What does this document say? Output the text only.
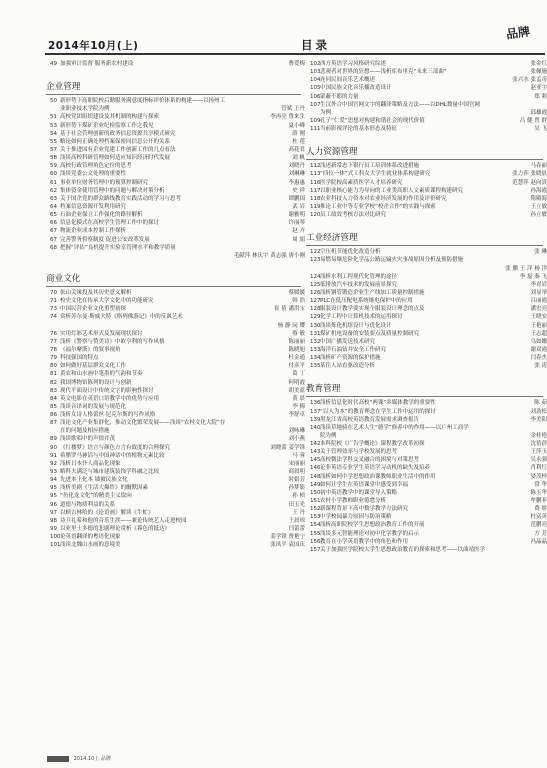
2014年10月(上)	目录
品牌
49 加强审计监督 服务新农村建设	曹爱梅
企业管理
50 新形势下高职院校后勤服务满意度指标评价体系的构建——以扬州工
业职业技术学院为例	管斌 王丹
51 高校党团组织建设及其机制的构建与探索	李再亮 鲁来生
53 新形势下煤矿企业纪检监察工作之我见	夏小峰
54 基于社会管理创新的政务信息资源共享模式研究	薛 刚
55 略论如何正确处理档案保密同信息公开的关系	杜 莲
57 关于推进国有企业党建工作创新工作的几点看法	高花君
58 浅谈高校科研管理如何适应知识经济时代发展	刘 帆
59 高校行政管理角色定位的思考	刘晓丹
60 浅谈党委公文处理的重要性	刘琳琳
61 事业单位财务管理中的预算控制研究	李惠惠
62 集体资金使用管理中的问题与解决对策分析	史 祥
63 关于国企党的群众路线教育实践活动的学习与思考	谭鹏国
64 档案信息资源开发利用研究	武 岩
65 石油企业保卫工作强化的路径解析	谢雅明
66 信息化模式在高校学生管理工作中的探讨	许丽琴
67 物流企业成本控制工作探析	赵 卉
67 完善警务督察制度 促进公安改革发展	周 娟
68 把握“评估”良机提升实验室管理水平和教学质量
毛献萍 林庆宇 黄志强 唐小刚
商业文化
70 张山关缘投及其历史意义解析	蔡媛媛
71 校史文化在传承大学文化中的功能研究	韩 浩
73 中国民营企业文化重塑初探	崔 倩 潘洪宝
74 赏析苏尔曼·斯威夫特《格列佛游记》中的反讽艺术
杨 静 闵 璎
76 实用灯彩艺术形式及发展现状探讨	蔡 敏
77 浅析《警察与赞美诗》中欧亨利的写作风格	陈丽丽
78 《福尔摩斯》的叙事视角	陈晓旭
79 科技强国的特点	杜金通
80 如何做好基层群众文化工作	付彦平
81 黄农和山水画中笔墨的气韵和节奏	葛 丁
82 我国博物馆陈列的设计与创新	何明霞
83 现代平面设计中传统文字的影响性探讨	胡美蓝
84 英文电影在英语口语教学中的优势与应用	黄 晨
85 浅谈音译词的发展与规范化	李 梅
86 浅析女诗人格蕾丝·尼克尔斯的写作风格	李舒卓
87 浅论文化产业集群化，推动文化繁荣发展——浅谈“农村文化大院”存
在的问题及相应措施	刘咏琳
89 浅谈歌唱中的声情并茂	刘小燕
90 《红楼梦》语言与颜色方言有故度的合理探究	刘晓蕾 姜学锋
91 希腊罗马神话与中国神话中的植物元素比较	马 蓉
92 浅析日本仆人商品化现象	宋丽丽
93 略科夫满泛与城市建筑装饰学科融之比较	商叙明
94 先进本土化本 墙被民族文化	时娟芳
95 浅析美剧《生活大爆炸》的幽默因素	孙梦影
95 “鱼化龙文化”的精美主义取向	孙 桢
96 道德与物质利益的关系	田玉光
97 以顾吉林哈的《论语画》解读《牛虻》	王 丹
98 诗卫礼希和他的音乐生涯——兼论传统艺人走进校园	王晨琼
99 以亚里士多德的悲剧理论赏析《暮色的抵达》	闫蕾蕾
100论英语翻译的粤语化现象	姜学锋 贾艳宁
101浅谈北魏山水画的意境美	张凤平 袁国庆
102西方英语学习风格研究综述	张金红
103悲观者对世界的狂想——浅析库布里克“未来三部曲”	张佩施
104连同民间音乐艺术概述	张兴水 张孟奇
105中国民族文化音乐播改造设计	赵亚宇
106蒙蔽不耶的力量	郑 莉
107生汉外合中国官网文字的翻译策略及方法——以DHL数量中国官网
为例	邱雄霞
109孔子“仁爱”思想对构建和谐社会的现代价值	吕 健 曾 群
111当前影视评论的基本形态及特征	吴 飞
人力资源管理
112浅述新常态下银行员工培训体系改进措施	马春丽
113“四位一体”式工科女大学生就业体系构建研究	张力莎 张晓晨
116医学院校高素质医学人才培养研究	范慧萍 赵向真
117以职业核心能力为导向的工业类高职人文素质课程构建研究	孙海霞
118农业科技人力资本对农业经济发展的作用及评价研究	隋殿海
119推论工业中等专业学校“校企合作”的实践与探索	王立敏
120员工绩效考核方法对比研究	孙立敏
工业经济管理
122空压机节能优化改造分析	张 琳
123易燃易爆危险化学品公路运输火灾事故原因分析及预防措施
张 鹏 王 洋 杨 洋
124浅析水利工程现代化管理的途径	李 磊 秦 飞
125低排放汽车技术的发展前景探究	李青岩
126浅析钢管锻造企业生产线加工质量控制措施	刘显举
127PLC在低压配电系统继电保护中的应用	吕丽霞
128服装设计教学要实现个服装设计理念的点及	潘宏亮
129化学工程中计算机技术的运用探讨	王晓安
130浅谈炼化机组设计与优化设计	王艳丽
131煤矿机电设备的安装要点及质量控制研究	王志超
132中国广播发送技术研究	乌如娜
133海洋石油钻井安全工作研究	谢双霞
134浅析矿产资源的保护措施	闫春杰
135某住人站直驱改造分析	张 涛
教育管理
136浅析信息化时代高校“两课”多媒体教学的重要性	陈 茹
137“以人为本”的教育理念在学生工作中运用的探讨	刘劲松
139黑龙江省高校英语教育发展需求调查报告	李美阳
140浅谈草地骑在艺术人生“德学”修养中的作用——以广州工商学
院为例	金桂艳
142本科院校《广告学概论》课程教学改革初探	沈蓓蓓
143关于管理效率与学校发展的思考	王萍玉
145高校微法学科交叉融合的困境与对策思考	吴永强
146论非英语专业学生英语学习动机的缺失及培养	肖利红
148浅析如何中学思想政治课教师职业生活中的作用	晏茂梓
149如何让学生在英语课堂中感受到幸福	常 华
150初中英语教学中的课堂导入策略	陈玉华
151农村小学教师职业倦怠分析	牟鹏菲
152新课程背景下高中数学教学方法研究	费 娇
153中学校园暴力原因与防治策略	杜富英
154浅析高职院校学生思想政治教育工作的开展	范鹏亮
155浅谈多元智能理论对初中化学教学的启示	方 芳
156教育在小学英语教学中的角色和作用	冯晶晶
157关于加强医学院校大学生思想政治教育的探索和思考——以曲靖医学
2014.10上 品牌
